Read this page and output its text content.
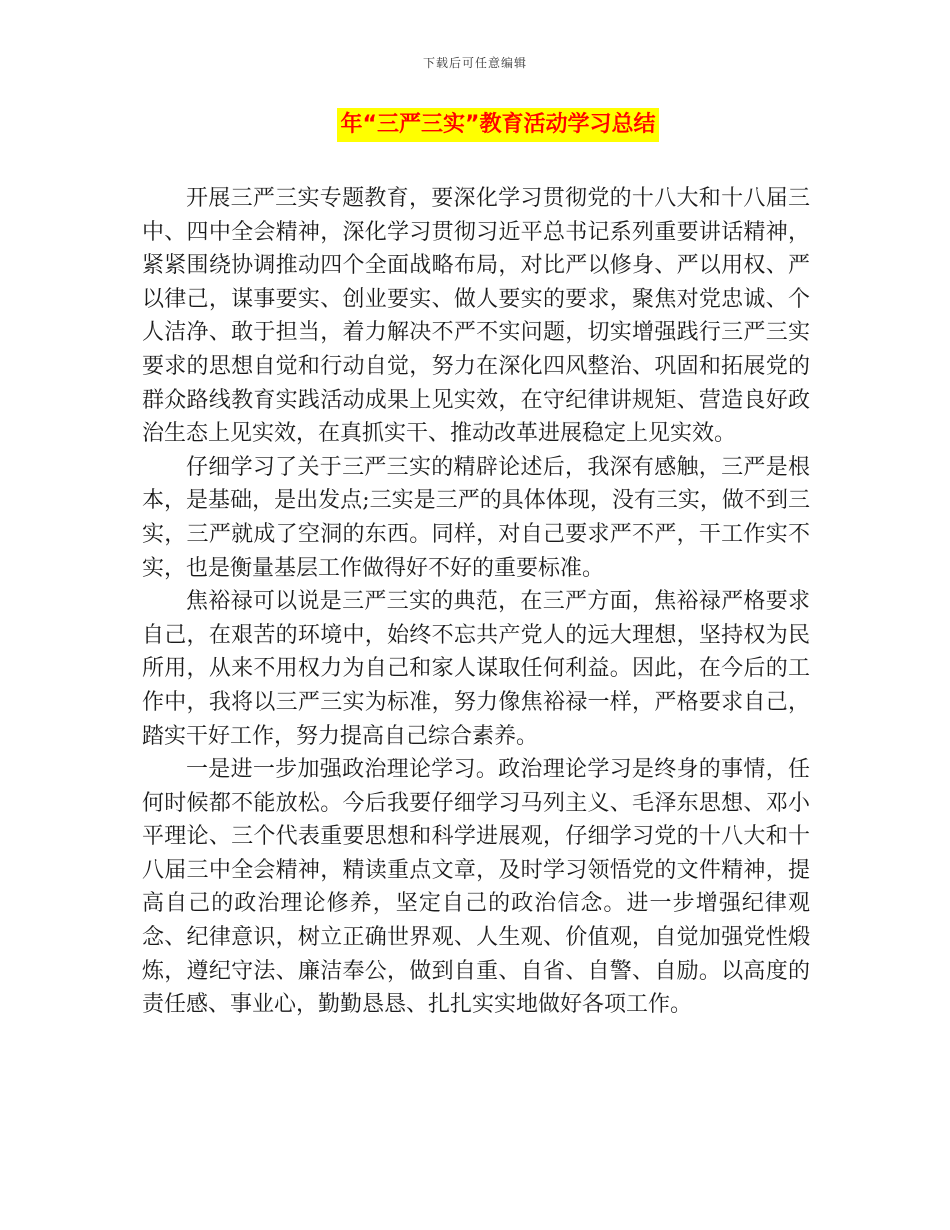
下载后可任意编辑
年“三严三实”教育活动学习总结

开展三严三实专题教育，要深化学习贯彻党的十八大和十八届三中、四中全会精神，深化学习贯彻习近平总书记系列重要讲话精神，紧紧围绕协调推动四个全面战略布局，对比严以修身、严以用权、严以律己，谋事要实、创业要实、做人要实的要求，聚焦对党忠诚、个人洁净、敢于担当，着力解决不严不实问题，切实增强践行三严三实要求的思想自觉和行动自觉，努力在深化四风整治、巩固和拓展党的群众路线教育实践活动成果上见实效，在守纪律讲规矩、营造良好政治生态上见实效，在真抓实干、推动改革进展稳定上见实效。

仔细学习了关于三严三实的精辟论述后，我深有感触，三严是根本，是基础，是出发点;三实是三严的具体体现，没有三实，做不到三实，三严就成了空洞的东西。同样，对自己要求严不严，干工作实不实，也是衡量基层工作做得好不好的重要标准。

焦裕禄可以说是三严三实的典范，在三严方面，焦裕禄严格要求自己，在艰苦的环境中，始终不忘共产党人的远大理想，坚持权为民所用，从来不用权力为自己和家人谋取任何利益。因此，在今后的工作中，我将以三严三实为标准，努力像焦裕禄一样，严格要求自己，踏实干好工作，努力提高自己综合素养。

一是进一步加强政治理论学习。政治理论学习是终身的事情，任何时候都不能放松。今后我要仔细学习马列主义、毛泽东思想、邓小平理论、三个代表重要思想和科学进展观，仔细学习党的十八大和十八届三中全会精神，精读重点文章，及时学习领悟党的文件精神，提高自己的政治理论修养，坚定自己的政治信念。进一步增强纪律观念、纪律意识，树立正确世界观、人生观、价值观，自觉加强党性煅炼，遵纪守法、廉洁奉公，做到自重、自省、自警、自励。以高度的责任感、事业心，勤勤恳恳、扎扎实实地做好各项工作。
